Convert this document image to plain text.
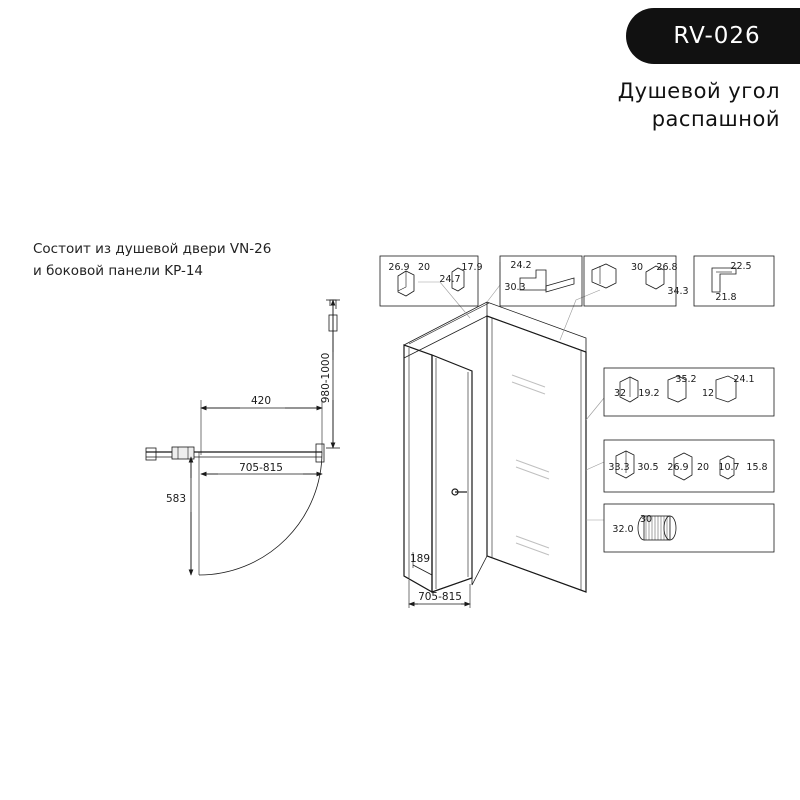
RV-026
Душевой угол
распашной
Состоит из душевой двери VN-26
и боковой панели KP-14
420
705-815
583
980-1000
189
705-815
26.9 20
24.7
17.9	24.2
30.3
30 26.8
34.3
22.5
21.8
32 19.2
35.2
12
24.1
33.3 30.5 26.9 20 10.7 15.8
30
32.0
